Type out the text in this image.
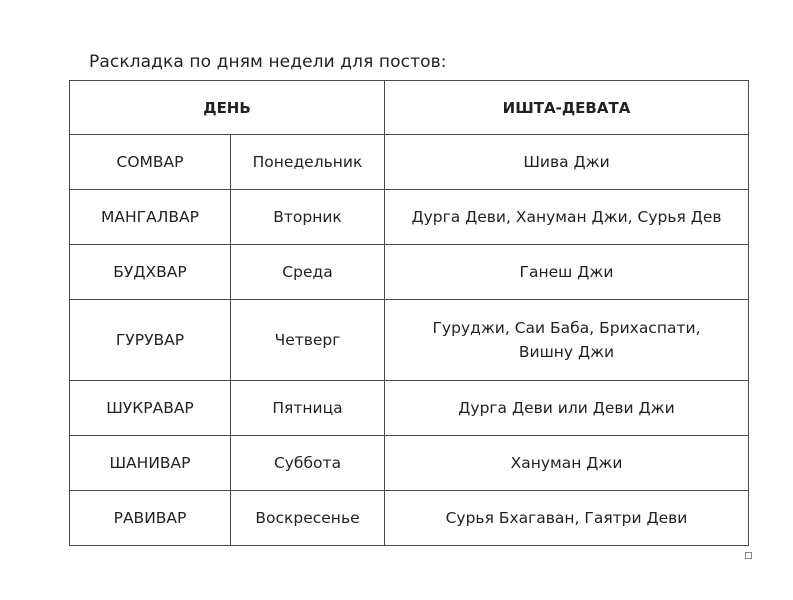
Раскладка по дням недели для постов:
ДЕНЬ		ИШТА-ДЕВАТА
СОМВАР	Понедельник	Шива Джи
МАНГАЛВАР	Вторник	Дурга Деви, Хануман Джи, Сурья Дев
БУДХВАР	Среда	Ганеш Джи
ГУРУВАР	Четверг	Гуруджи, Саи Баба, Брихаспати, Вишну Джи
ШУКРАВАР	Пятница	Дурга Деви или Деви Джи
ШАНИВАР	Суббота	Хануман Джи
РАВИВАР	Воскресенье	Сурья Бхагаван, Гаятри Деви
